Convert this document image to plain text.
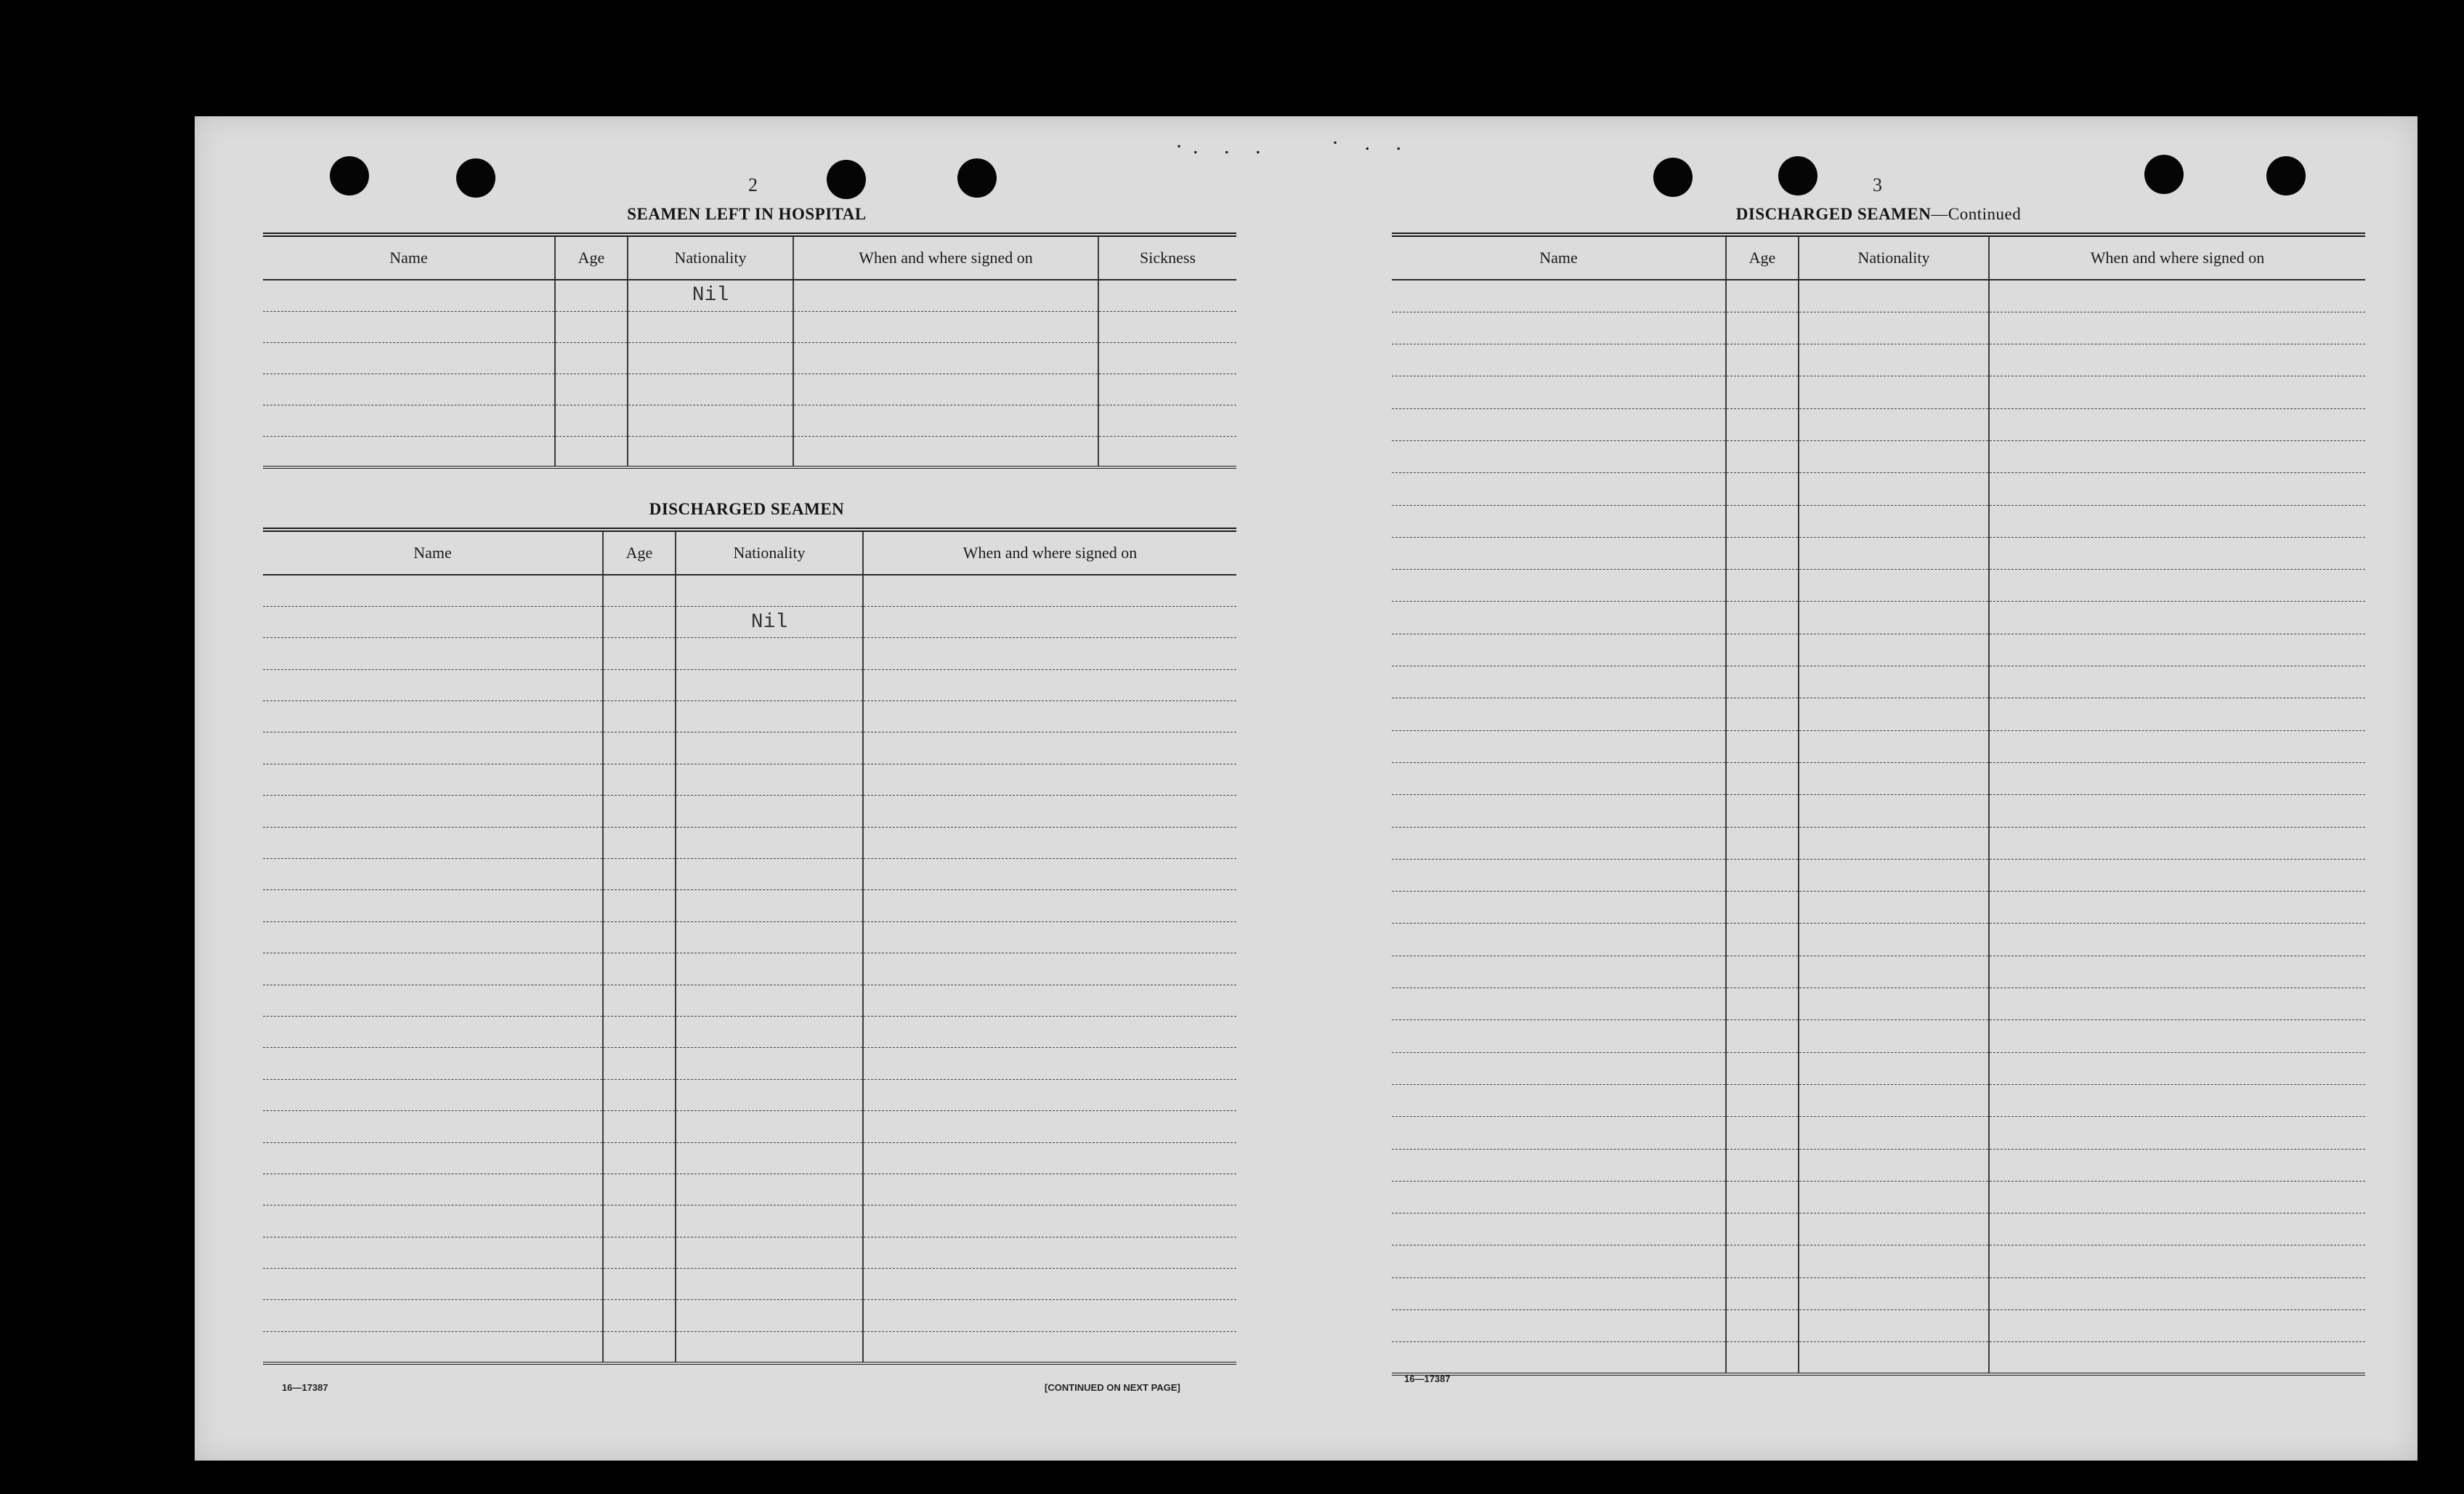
·. . .	· . .
2
SEAMEN LEFT IN HOSPITAL
Name	Age	Nationality	When and where signed on	Sickness
		Nil		

DISCHARGED SEAMEN
Name	Age	Nationality	When and where signed on

		Nil	

16—17387	[CONTINUED ON NEXT PAGE]
3
DISCHARGED SEAMEN—Continued
Name	Age	Nationality	When and where signed on

16—17387
